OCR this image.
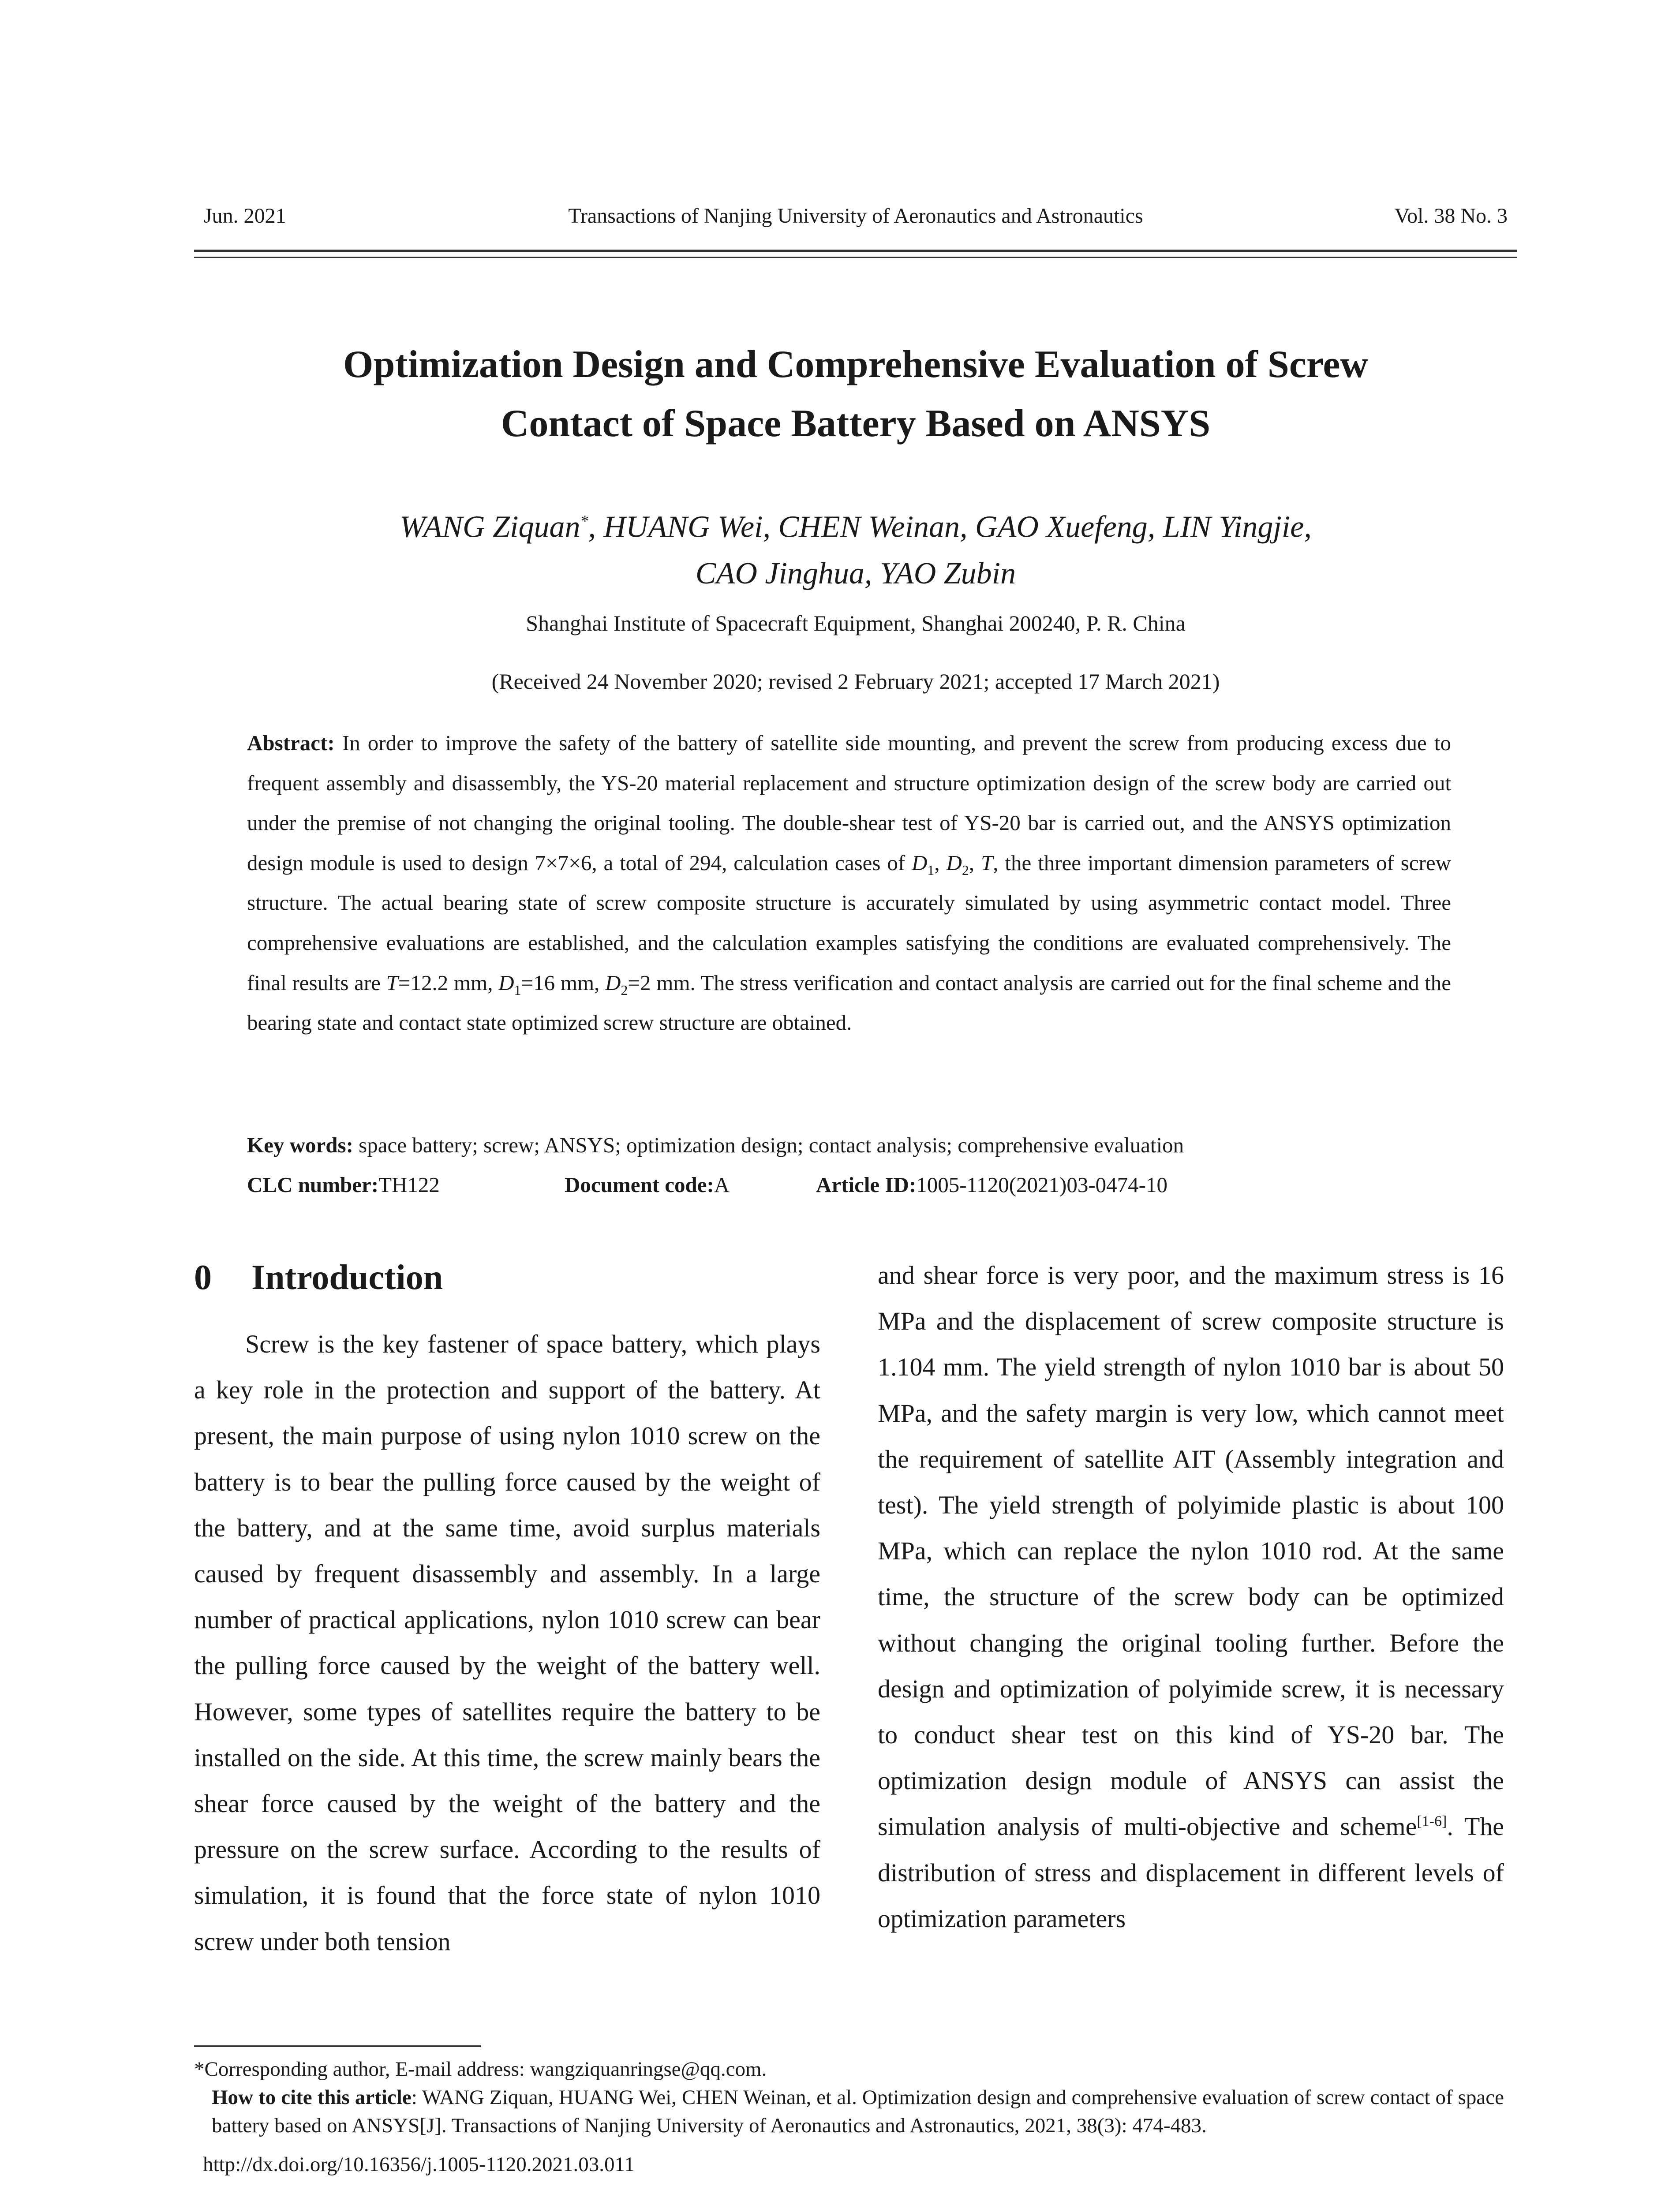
Transactions of Nanjing University of Aeronautics and Astronautics
Jun. 2021	Vol. 38 No. 3
Optimization Design and Comprehensive Evaluation of Screw
Contact of Space Battery Based on ANSYS
WANG Ziquan*, HUANG Wei, CHEN Weinan, GAO Xuefeng, LIN Yingjie,
CAO Jinghua, YAO Zubin
Shanghai Institute of Spacecraft Equipment, Shanghai 200240, P. R. China
(Received 24 November 2020; revised 2 February 2021; accepted 17 March 2021)

Abstract: In order to improve the safety of the battery of satellite side mounting, and prevent the screw from producing excess due to frequent assembly and disassembly, the YS-20 material replacement and structure optimization design of the screw body are carried out under the premise of not changing the original tooling. The double-shear test of YS-20 bar is carried out, and the ANSYS optimization design module is used to design 7×7×6, a total of 294, calculation cases of $D_1$, $D_2$, T, the three important dimension parameters of screw structure. The actual bearing state of screw composite structure is accurately simulated by using asymmetric contact model. Three comprehensive evaluations are established, and the calculation examples satisfying the conditions are evaluated comprehensively. The final results are T=12.2 mm, $D_1=16$ mm, $D_2=2$ mm. The stress verification and contact analysis are carried out for the final scheme and the bearing state and contact state optimized screw structure are obtained.

Key words: space battery; screw; ANSYS; optimization design; contact analysis; comprehensive evaluation
CLC number:TH122	Document code:A	Article ID:1005-1120(2021)03-0474-10
0 Introduction

Screw is the key fastener of space battery, which plays a key role in the protection and support of the battery. At present, the main purpose of using nylon 1010 screw on the battery is to bear the pulling force caused by the weight of the battery, and at the same time, avoid surplus materials caused by frequent disassembly and assembly. In a large number of practical applications, nylon 1010 screw can bear the pulling force caused by the weight of the battery well. However, some types of satellites require the battery to be installed on the side. At this time, the screw mainly bears the shear force caused by the weight of the battery and the pressure on the screw surface. According to the results of simulation, it is found that the force state of nylon 1010 screw under both tension

and shear force is very poor, and the maximum stress is 16 MPa and the displacement of screw composite structure is 1.104 mm. The yield strength of nylon 1010 bar is about 50 MPa, and the safety margin is very low, which cannot meet the requirement of satellite AIT (Assembly integration and test). The yield strength of polyimide plastic is about 100 MPa, which can replace the nylon 1010 rod. At the same time, the structure of the screw body can be optimized without changing the original tooling further. Before the design and optimization of polyimide screw, it is necessary to conduct shear test on this kind of YS-20 bar. The optimization design module of ANSYS can assist the simulation analysis of multi-objective and scheme[1-6]. The distribution of stress and displacement in different levels of optimization parameters

*Corresponding author, E-mail address: wangziquanringse@qq.com.

How to cite this article: WANG Ziquan, HUANG Wei, CHEN Weinan, et al. Optimization design and comprehensive evaluation of screw contact of space battery based on ANSYS[J]. Transactions of Nanjing University of Aeronautics and Astronautics, 2021, 38(3): 474-483.

http://dx.doi.org/10.16356/j.1005-1120.2021.03.011
